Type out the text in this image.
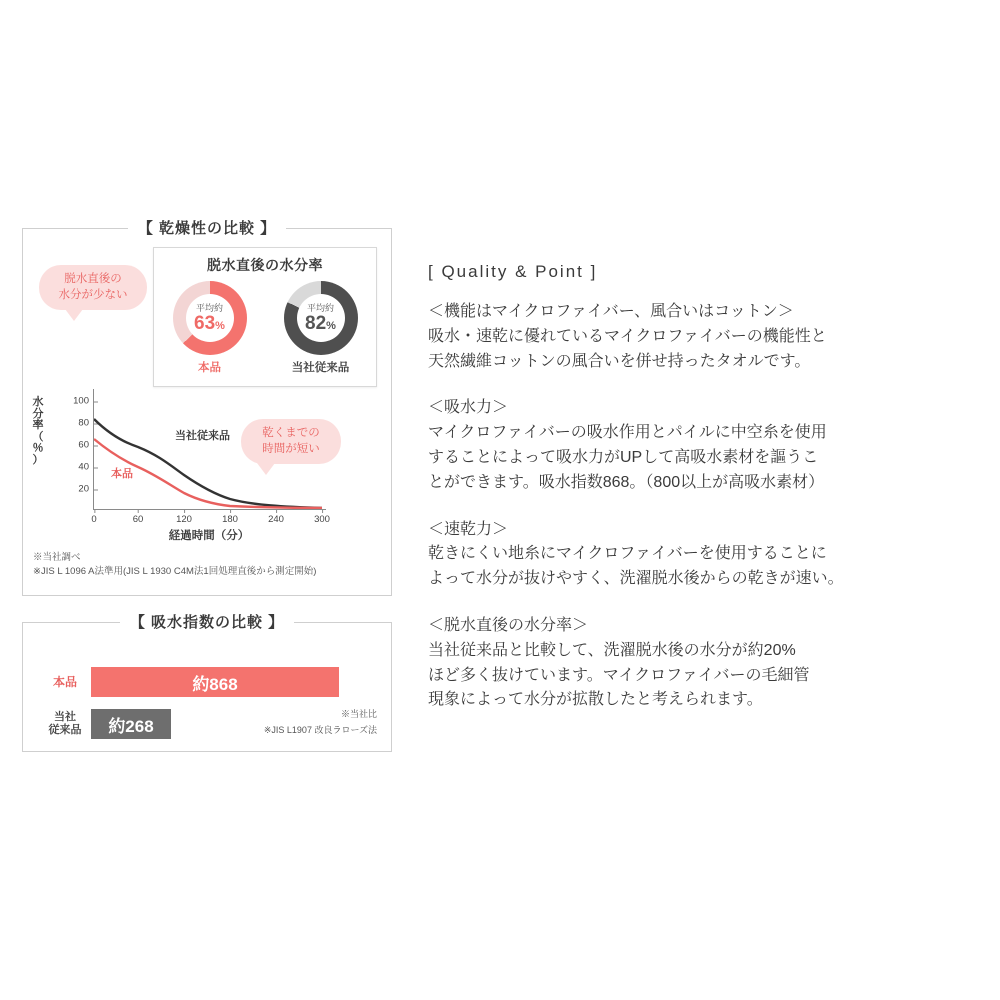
【 乾燥性の比較 】
脱水直後の
水分が少ない
乾くまでの
時間が短い
脱水直後の水分率
平均約
63%
本品
平均約
82%
当社従来品
水
分
率
（
％
）
100
80
60
40
20
0	60	120	180	240	300
当社従来品
本品
経過時間（分）
※当社調べ
※JIS L 1096 A法準用(JIS L 1930 C4M法1回処理直後から測定開始)
【 吸水指数の比較 】
本品	約868
当社
従来品	約268
※当社比
※JIS L1907 改良ラローズ法
[ Quality & Point ]
＜機能はマイクロファイバー、風合いはコットン＞
吸水・速乾に優れているマイクロファイバーの機能性と
天然繊維コットンの風合いを併せ持ったタオルです。
＜吸水力＞
マイクロファイバーの吸水作用とパイルに中空糸を使用
することによって吸水力がUPして高吸水素材を謳うこ
とができます。吸水指数868。（800以上が高吸水素材）
＜速乾力＞
乾きにくい地糸にマイクロファイバーを使用することに
よって水分が抜けやすく、洗濯脱水後からの乾きが速い。
＜脱水直後の水分率＞
当社従来品と比較して、洗濯脱水後の水分が約20%
ほど多く抜けています。マイクロファイバーの毛細管
現象によって水分が拡散したと考えられます。
